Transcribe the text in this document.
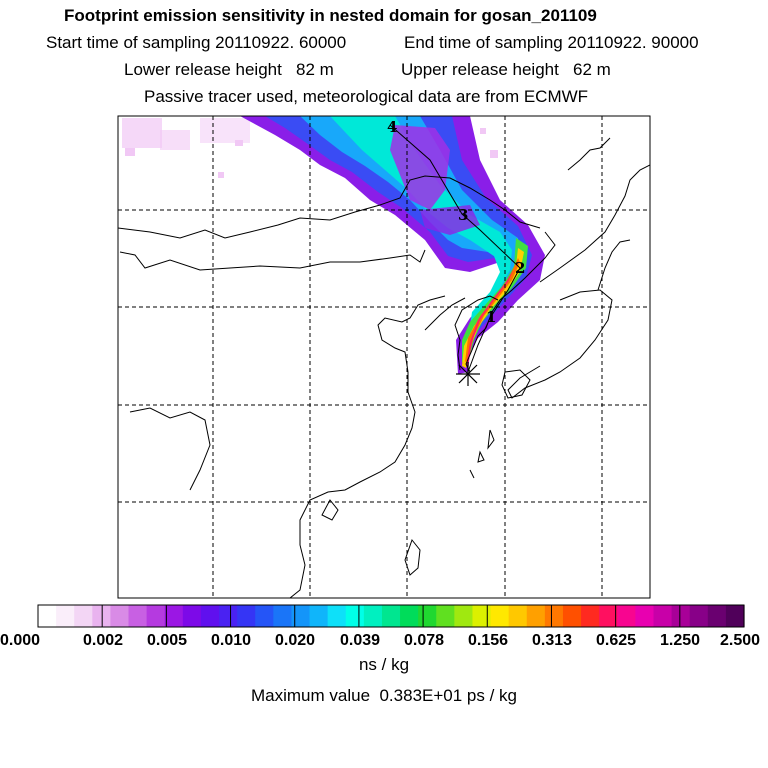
Footprint emission sensitivity in nested domain for gosan_201109
Start time of sampling 20110922. 60000	End time of sampling 20110922. 90000
Lower release height   82 m	Upper release height   62 m
Passive tracer used, meteorological data are from ECMWF
1
2
3
4
0.000	0.002 0.005 0.010 0.020 0.039 0.078 0.156 0.313 0.625 1.250 2.500
ns / kg
Maximum value  0.383E+01 ps / kg
